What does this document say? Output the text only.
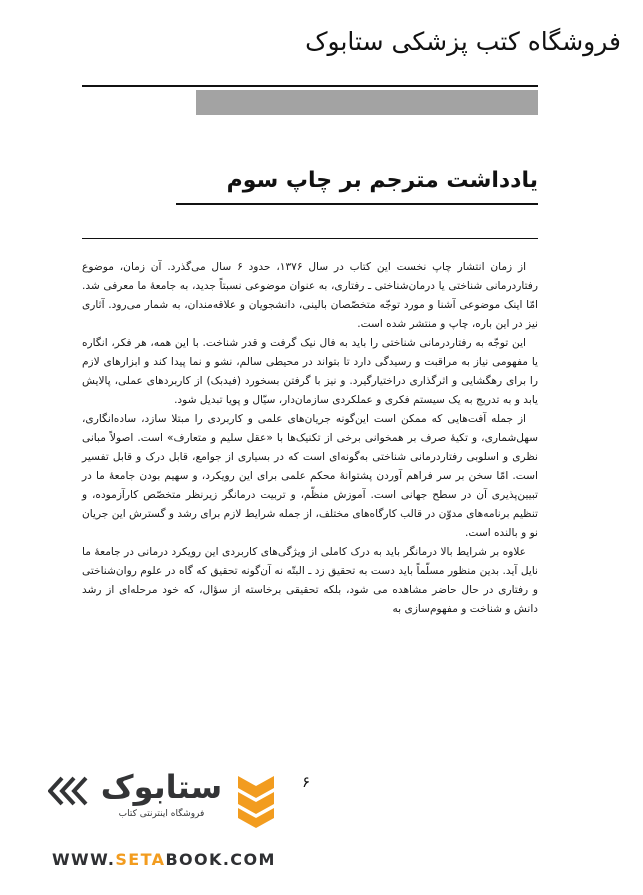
فروشگاه کتب پزشکی ستابوک
یادداشت مترجم بر چاپ سوم

از زمان انتشار چاپ نخست این کتاب در سال ۱۳۷۶، حدود ۶ سال می‌گذرد. آن زمان، موضوع رفتاردرمانی شناختی یا درمان‌شناختی ـ رفتاری، به عنوان موضوعی نسبتاً جدید، به جامعهٔ ما معرفی شد. امّا اینک موضوعی آشنا و مورد توجّه متخصّصان بالینی، دانشجویان و علاقه‌مندان، به شمار می‌رود. آثاری نیز در این باره، چاپ و منتشر شده است.

این توجّه به رفتاردرمانی شناختی را باید به فال نیک گرفت و قدر شناخت. با این همه، هر فکر، انگاره یا مفهومی نیاز به مراقبت و رسیدگی دارد تا بتواند در محیطی سالم، نشو و نما پیدا کند و ابزارهای لازم را برای رهگشایی و اثرگذاری دراختیارگیرد. و نیز با گرفتن بسخورد (فیدبک) از کاربردهای عملی، پالایش یابد و به تدریج به یک سیستم فکری و عملکردی سازمان‌دار، سیّال و پویا تبدیل شود.

از جمله آفت‌هایی که ممکن است این‌گونه جریان‌های علمی و کاربردی را مبتلا سازد، ساده‌انگاری، سهل‌شماری، و تکیهٔ صرف بر همخوانی برخی از تکنیک‌ها با «عقل سلیم و متعارف» است. اصولاً مبانی نظری و اسلوبی رفتاردرمانی شناختی به‌گونه‌ای است که در بسیاری از جوامع، قابل درک و قابل تفسیر است. امّا سخن بر سر فراهم آوردن پشتوانهٔ محکم علمی برای این رویکرد، و سهیم بودن جامعهٔ ما در تبیین‌پذیری آن در سطح جهانی است. آموزش منظّم، و تربیت درمانگر زیرنظر متخصّص کارآزموده، و تنظیم برنامه‌های مدوّن در قالب کارگاه‌های مختلف، از جمله شرایط لازم برای رشد و گسترش این جریان نو و بالنده است.

علاوه بر شرایط بالا درمانگر باید به درک کاملی از ویژگی‌های کاربردی این رویکرد درمانی در جامعهٔ ما نایل آید. بدین منظور مسلّماً باید دست به تحقیق زد ـ البتّه نه آن‌گونه تحقیق که گاه در علوم روان‌شناختی و رفتاری در حال حاضر مشاهده می شود، بلکه تحقیقی برخاسته از سؤال، که خود مرحله‌ای از رشد دانش و شناخت و مفهوم‌سازی به

۶
ستابوک
فروشگاه اینترنتی کتاب
WWW.SETABOOK.COM
